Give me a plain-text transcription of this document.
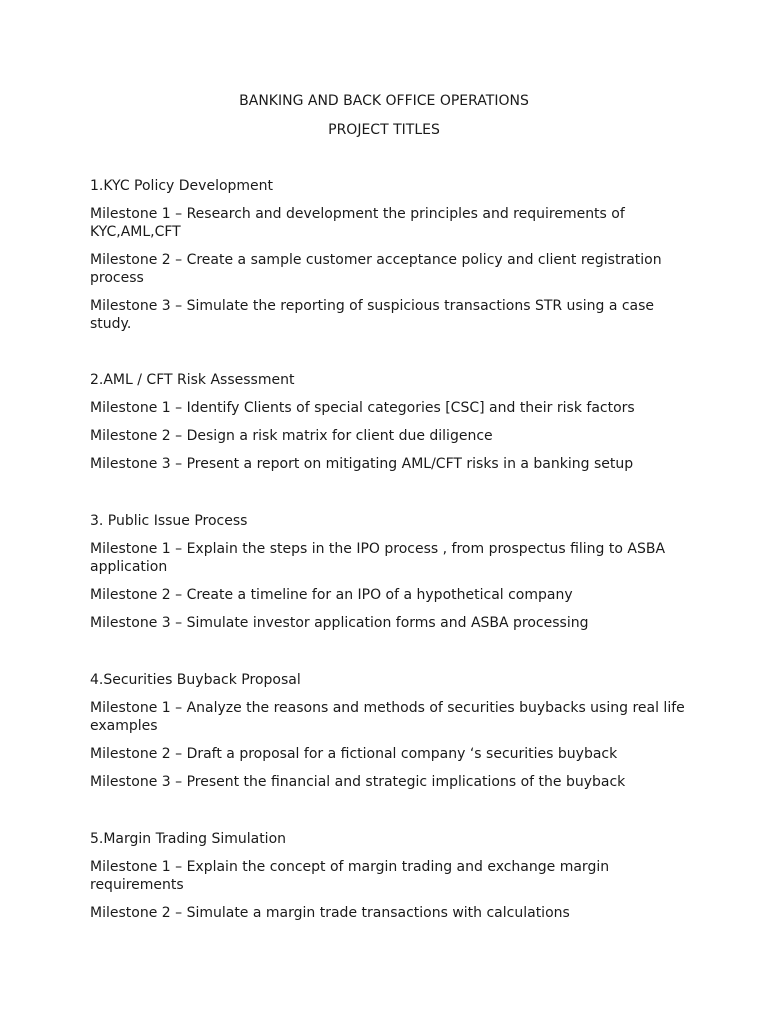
BANKING AND BACK OFFICE OPERATIONS
PROJECT TITLES
1.KYC Policy Development
Milestone 1 – Research and development the principles and requirements of KYC,AML,CFT
Milestone 2 – Create a sample customer acceptance policy and client registration process
Milestone 3 – Simulate the reporting of suspicious transactions STR using a case study.
2.AML / CFT Risk Assessment
Milestone 1 – Identify Clients of special categories [CSC] and their risk factors
Milestone 2 – Design a risk matrix for client due diligence
Milestone 3 – Present a report on mitigating AML/CFT risks in a banking setup
3. Public Issue Process
Milestone 1 – Explain the steps in the IPO process , from prospectus filing to ASBA application
Milestone 2 – Create a timeline for an IPO of a hypothetical company
Milestone 3 – Simulate investor application forms and ASBA processing
4.Securities Buyback Proposal
Milestone 1 – Analyze the reasons and methods of securities buybacks using real life examples
Milestone 2 – Draft a proposal for a fictional company ‘s securities buyback
Milestone 3 – Present the financial and strategic implications of the buyback
5.Margin Trading Simulation
Milestone 1 – Explain the concept of margin trading and exchange margin requirements
Milestone 2 – Simulate a margin trade transactions with calculations
